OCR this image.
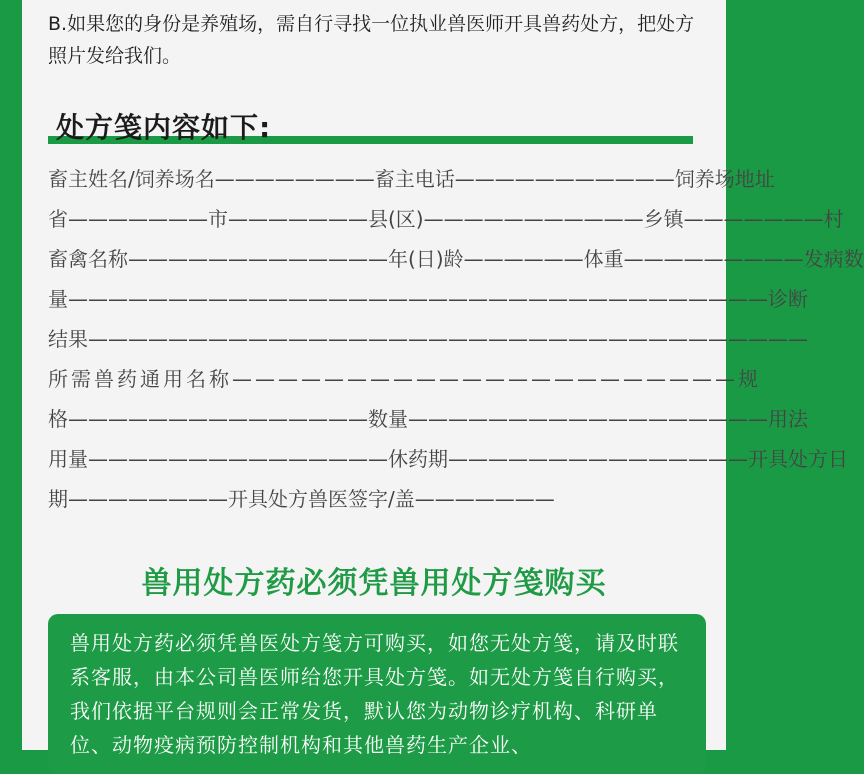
B.如果您的身份是养殖场，需自行寻找一位执业兽医师开具兽药处方，把处方照片发给我们。

处方笺内容如下:
畜主姓名/饲养场名————————畜主电话———————————饲养场地址
省———————市———————县(区)———————————乡镇———————村
畜禽名称—————————————年(日)龄——————体重—————————发病数
量———————————————————————————————————诊断
结果————————————————————————————————————
所需兽药通用名称——————————————————————规
格———————————————数量——————————————————用法
用量———————————————休药期———————————————开具处方日
期————————开具处方兽医签字/盖———————
兽用处方药必须凭兽用处方笺购买

兽用处方药必须凭兽医处方笺方可购买，如您无处方笺，请及时联系客服，由本公司兽医师给您开具处方笺。如无处方笺自行购买，我们依据平台规则会正常发货，默认您为动物诊疗机构、科研单位、动物疫病预防控制机构和其他兽药生产企业、
